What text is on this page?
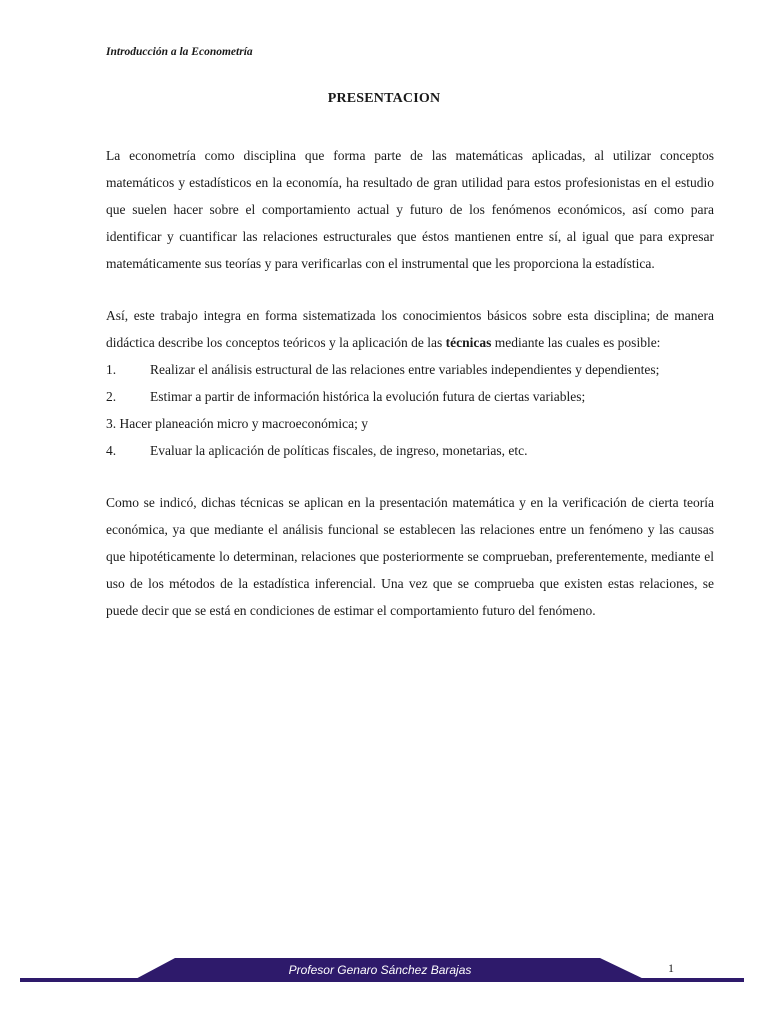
Introducción a la Econometría
PRESENTACION

La econometría como disciplina que forma parte de las matemáticas aplicadas, al utilizar conceptos matemáticos y estadísticos en la economía, ha resultado de gran utilidad para estos profesionistas en el estudio que suelen hacer sobre el comportamiento actual y futuro de los fenómenos económicos, así como para identificar y cuantificar las relaciones estructurales que éstos mantienen entre sí, al igual que para expresar matemáticamente sus teorías y para verificarlas con el instrumental que les proporciona la estadística.

Así, este trabajo integra en forma sistematizada los conocimientos básicos sobre esta disciplina; de manera didáctica describe los conceptos teóricos y la aplicación de las técnicas mediante las cuales es posible:

1.	Realizar el análisis estructural de las relaciones entre variables independientes y dependientes;
2.	Estimar a partir de información histórica la evolución futura de ciertas variables;
3. Hacer planeación micro y macroeconómica; y
4.	Evaluar la aplicación de políticas fiscales, de ingreso, monetarias, etc.

Como se indicó, dichas técnicas se aplican en la presentación matemática y en la verificación de cierta teoría económica, ya que mediante el análisis funcional se establecen las relaciones entre un fenómeno y las causas que hipotéticamente lo determinan, relaciones que posteriormente se comprueban, preferentemente, mediante el uso de los métodos de la estadística inferencial. Una vez que se comprueba que existen estas relaciones, se puede decir que se está en condiciones de estimar el comportamiento futuro del fenómeno.

Profesor Genaro Sánchez Barajas	1
